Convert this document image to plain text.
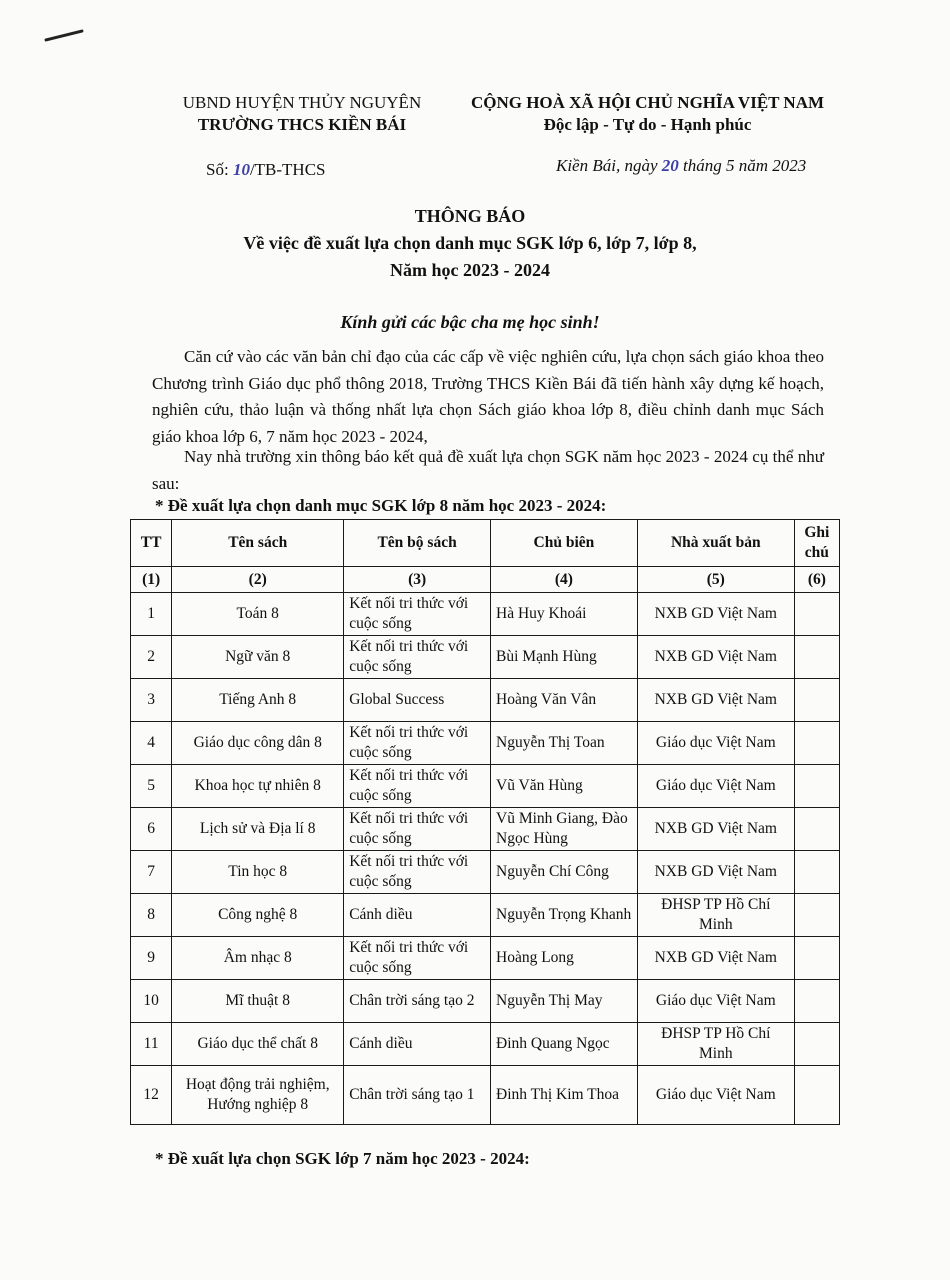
UBND HUYỆN THỦY NGUYÊN
TRƯỜNG THCS KIỀN BÁI
CỘNG HOÀ XÃ HỘI CHỦ NGHĨA VIỆT NAM
Độc lập - Tự do - Hạnh phúc
Số: 10/TB-THCS	Kiền Bái, ngày 20 tháng 5 năm 2023
THÔNG BÁO
Về việc đề xuất lựa chọn danh mục SGK lớp 6, lớp 7, lớp 8,
Năm học 2023 - 2024
Kính gửi các bậc cha mẹ học sinh!
Căn cứ vào các văn bản chỉ đạo của các cấp về việc nghiên cứu, lựa chọn sách giáo khoa theo Chương trình Giáo dục phổ thông 2018, Trường THCS Kiền Bái đã tiến hành xây dựng kế hoạch, nghiên cứu, thảo luận và thống nhất lựa chọn Sách giáo khoa lớp 8, điều chỉnh danh mục Sách giáo khoa lớp 6, 7 năm học 2023 - 2024,
Nay nhà trường xin thông báo kết quả đề xuất lựa chọn SGK năm học 2023 - 2024 cụ thể như sau:
* Đề xuất lựa chọn danh mục SGK lớp 8 năm học 2023 - 2024:
TT	Tên sách	Tên bộ sách	Chủ biên	Nhà xuất bản	Ghi chú
(1)	(2)	(3)	(4)	(5)	(6)
1	Toán 8	Kết nối tri thức với cuộc sống	Hà Huy Khoái	NXB GD Việt Nam	
2	Ngữ văn 8	Kết nối tri thức với cuộc sống	Bùi Mạnh Hùng	NXB GD Việt Nam	
3	Tiếng Anh 8	Global Success	Hoàng Văn Vân	NXB GD Việt Nam	
4	Giáo dục công dân 8	Kết nối tri thức với cuộc sống	Nguyễn Thị Toan	Giáo dục Việt Nam	
5	Khoa học tự nhiên 8	Kết nối tri thức với cuộc sống	Vũ Văn Hùng	Giáo dục Việt Nam	
6	Lịch sử và Địa lí 8	Kết nối tri thức với cuộc sống	Vũ Minh Giang, Đào Ngọc Hùng	NXB GD Việt Nam	
7	Tin học 8	Kết nối tri thức với cuộc sống	Nguyễn Chí Công	NXB GD Việt Nam	
8	Công nghệ 8	Cánh diều	Nguyễn Trọng Khanh	ĐHSP TP Hồ Chí Minh	
9	Âm nhạc 8	Kết nối tri thức với cuộc sống	Hoàng Long	NXB GD Việt Nam	
10	Mĩ thuật 8	Chân trời sáng tạo 2	Nguyễn Thị May	Giáo dục Việt Nam	
11	Giáo dục thể chất 8	Cánh diều	Đinh Quang Ngọc	ĐHSP TP Hồ Chí Minh	
12	Hoạt động trải nghiệm, Hướng nghiệp 8	Chân trời sáng tạo 1	Đinh Thị Kim Thoa	Giáo dục Việt Nam	
* Đề xuất lựa chọn SGK lớp 7 năm học 2023 - 2024:
